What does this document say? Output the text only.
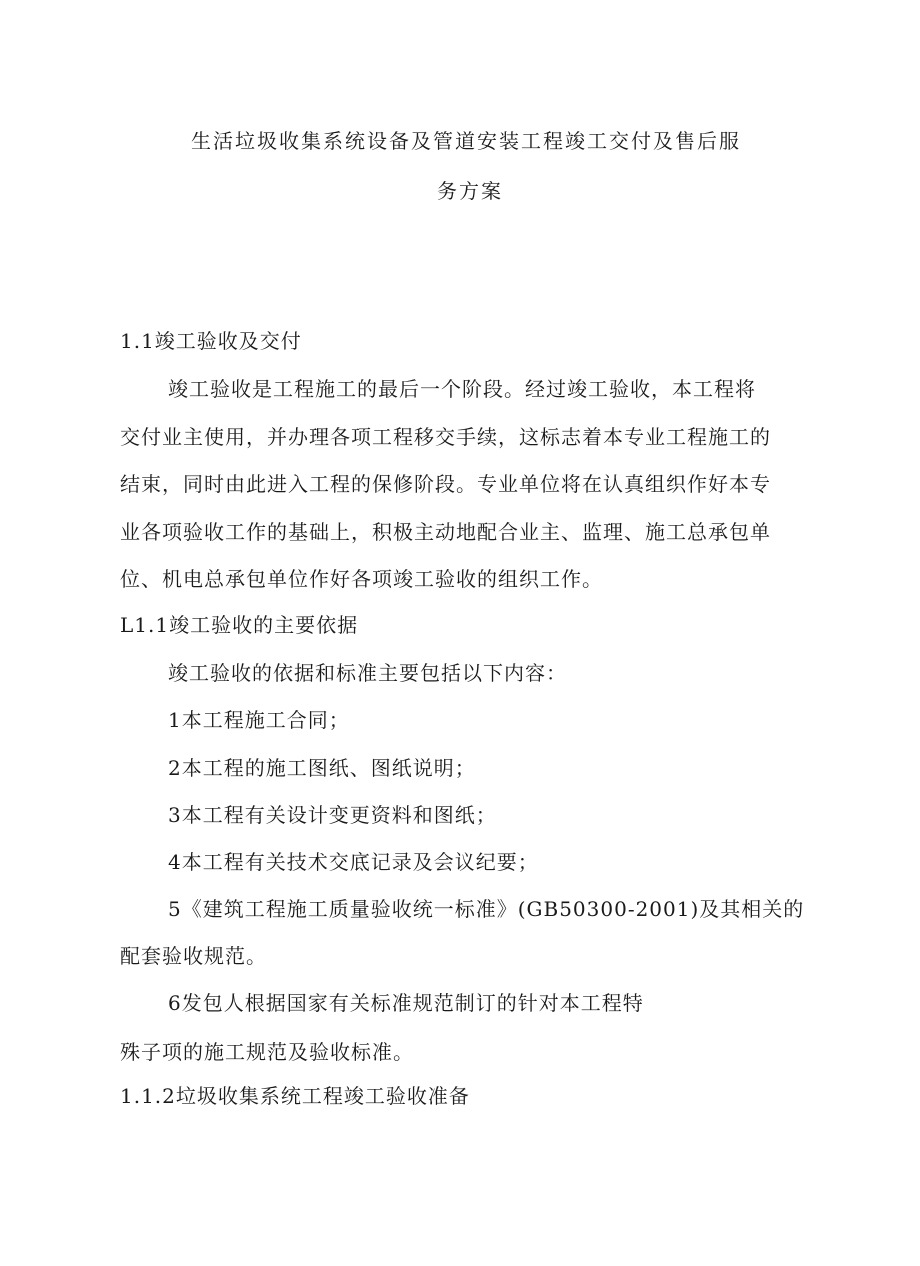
生活垃圾收集系统设备及管道安装工程竣工交付及售后服
务方案
1.1竣工验收及交付
竣工验收是工程施工的最后一个阶段。经过竣工验收，本工程将
交付业主使用，并办理各项工程移交手续，这标志着本专业工程施工的
结束，同时由此进入工程的保修阶段。专业单位将在认真组织作好本专
业各项验收工作的基础上，积极主动地配合业主、监理、施工总承包单
位、机电总承包单位作好各项竣工验收的组织工作。
L1.1竣工验收的主要依据
竣工验收的依据和标准主要包括以下内容：
1本工程施工合同；
2本工程的施工图纸、图纸说明；
3本工程有关设计变更资料和图纸；
4本工程有关技术交底记录及会议纪要；
5《建筑工程施工质量验收统一标准》(GB50300-2001)及其相关的
配套验收规范。
6发包人根据国家有关标准规范制订的针对本工程特
殊子项的施工规范及验收标准。
1.1.2垃圾收集系统工程竣工验收准备
